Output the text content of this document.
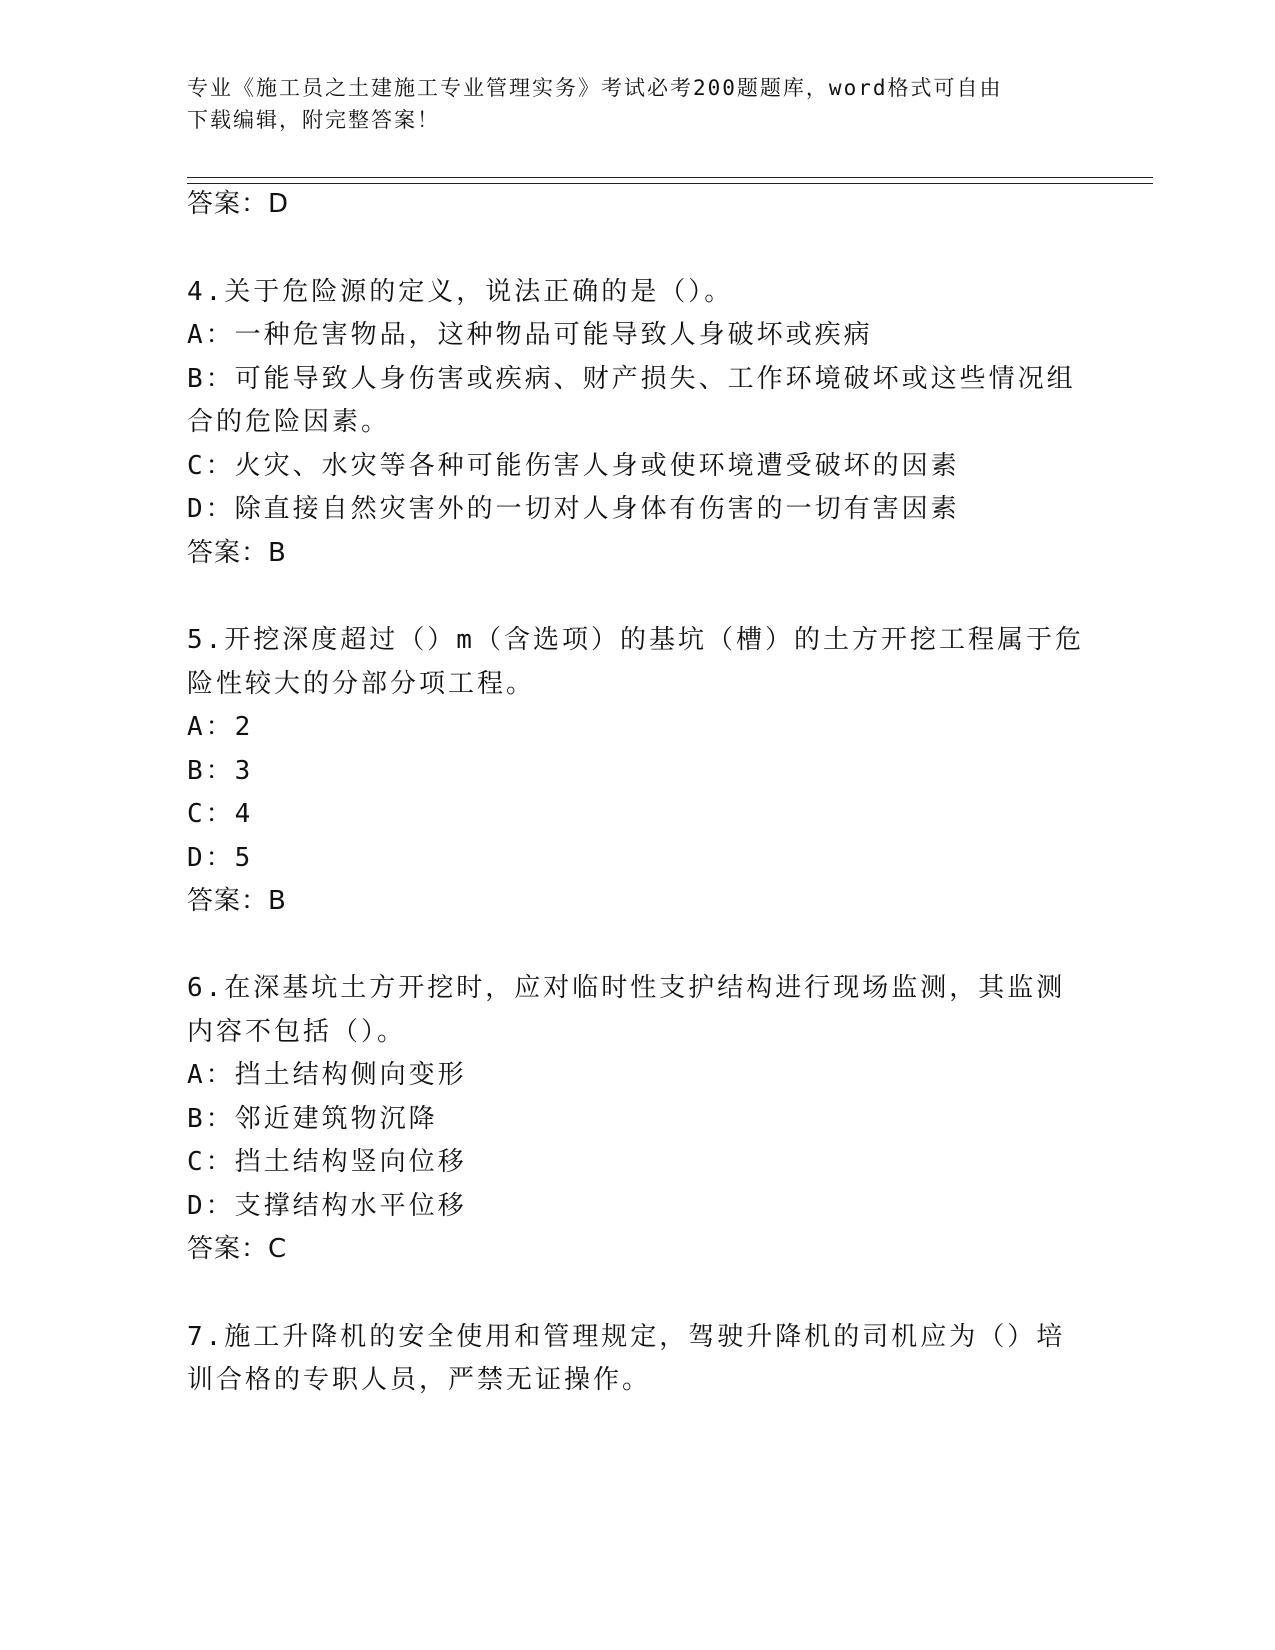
专业《施工员之土建施工专业管理实务》考试必考200题题库，word格式可自由
下载编辑，附完整答案！
答案：D
4.关于危险源的定义，说法正确的是（）。
A：一种危害物品，这种物品可能导致人身破坏或疾病
B：可能导致人身伤害或疾病、财产损失、工作环境破坏或这些情况组
合的危险因素。
C：火灾、水灾等各种可能伤害人身或使环境遭受破坏的因素
D：除直接自然灾害外的一切对人身体有伤害的一切有害因素
答案：B
5.开挖深度超过（）m（含选项）的基坑（槽）的土方开挖工程属于危
险性较大的分部分项工程。
A：2
B：3
C：4
D：5
答案：B
6.在深基坑土方开挖时，应对临时性支护结构进行现场监测，其监测
内容不包括（）。
A：挡土结构侧向变形
B：邻近建筑物沉降
C：挡土结构竖向位移
D：支撑结构水平位移
答案：C
7.施工升降机的安全使用和管理规定，驾驶升降机的司机应为（）培
训合格的专职人员，严禁无证操作。
